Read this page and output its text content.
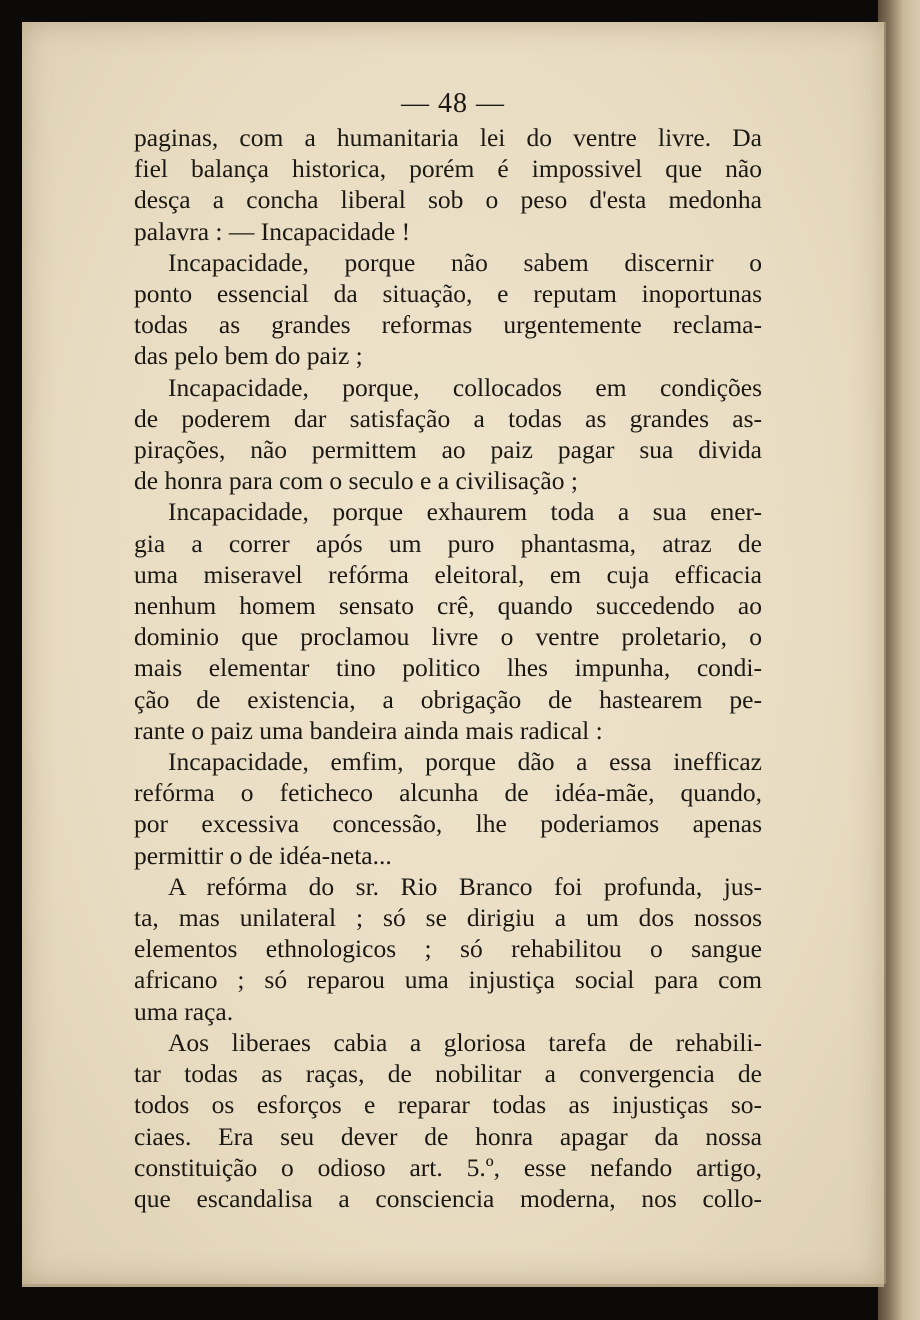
— 48 —
paginas, com a humanitaria lei do ventre livre. Da
fiel balança historica, porém é impossivel que não
desça a concha liberal sob o peso d'esta medonha
palavra : — Incapacidade !
Incapacidade, porque não sabem discernir o
ponto essencial da situação, e reputam inoportunas
todas as grandes reformas urgentemente reclama-
das pelo bem do paiz ;
Incapacidade, porque, collocados em condições
de poderem dar satisfação a todas as grandes as-
pirações, não permittem ao paiz pagar sua divida
de honra para com o seculo e a civilisação ;
Incapacidade, porque exhaurem toda a sua ener-
gia a correr após um puro phantasma, atraz de
uma miseravel refórma eleitoral, em cuja efficacia
nenhum homem sensato crê, quando succedendo ao
dominio que proclamou livre o ventre proletario, o
mais elementar tino politico lhes impunha, condi-
ção de existencia, a obrigação de hastearem pe-
rante o paiz uma bandeira ainda mais radical :
Incapacidade, emfim, porque dão a essa inefficaz
refórma o feticheco alcunha de idéa-mãe, quando,
por excessiva concessão, lhe poderiamos apenas
permittir o de idéa-neta...
A refórma do sr. Rio Branco foi profunda, jus-
ta, mas unilateral ; só se dirigiu a um dos nossos
elementos ethnologicos ; só rehabilitou o sangue
africano ; só reparou uma injustiça social para com
uma raça.
Aos liberaes cabia a gloriosa tarefa de rehabili-
tar todas as raças, de nobilitar a convergencia de
todos os esforços e reparar todas as injustiças so-
ciaes. Era seu dever de honra apagar da nossa
constituição o odioso art. 5.º, esse nefando artigo,
que escandalisa a consciencia moderna, nos collo-
